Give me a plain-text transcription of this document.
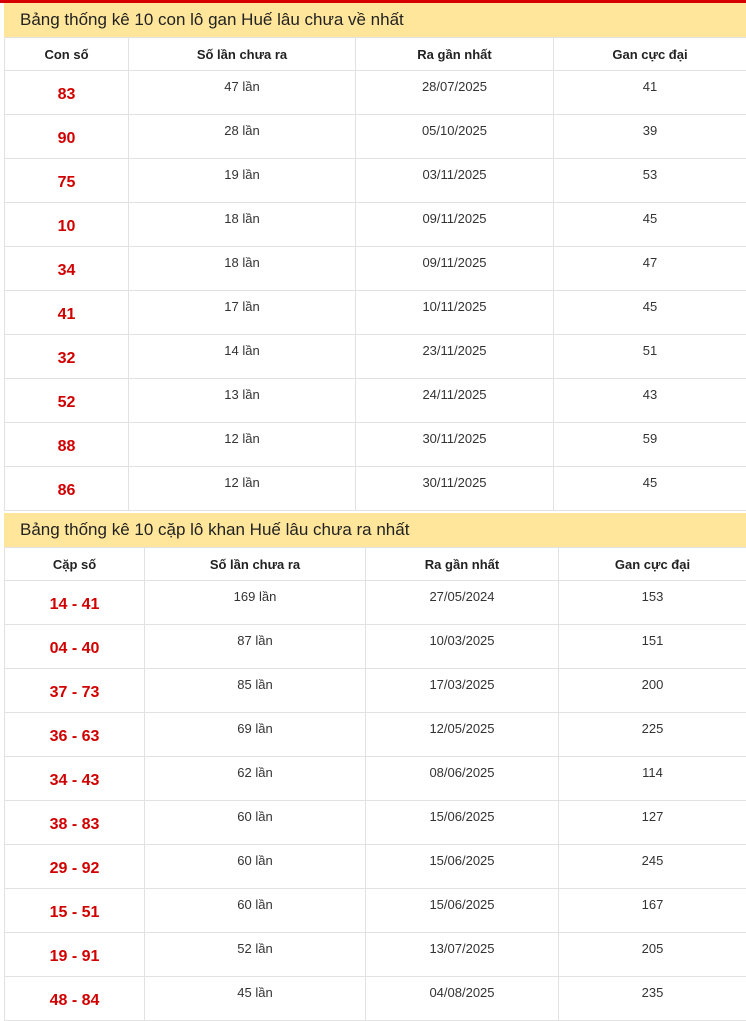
Bảng thống kê 10 con lô gan Huế lâu chưa về nhất
Con số	Số lần chưa ra	Ra gần nhất	Gan cực đại
83	47 lần	28/07/2025	41
90	28 lần	05/10/2025	39
75	19 lần	03/11/2025	53
10	18 lần	09/11/2025	45
34	18 lần	09/11/2025	47
41	17 lần	10/11/2025	45
32	14 lần	23/11/2025	51
52	13 lần	24/11/2025	43
88	12 lần	30/11/2025	59
86	12 lần	30/11/2025	45
Bảng thống kê 10 cặp lô khan Huế lâu chưa ra nhất
Cặp số	Số lần chưa ra	Ra gần nhất	Gan cực đại
14 - 41	169 lần	27/05/2024	153
04 - 40	87 lần	10/03/2025	151
37 - 73	85 lần	17/03/2025	200
36 - 63	69 lần	12/05/2025	225
34 - 43	62 lần	08/06/2025	114
38 - 83	60 lần	15/06/2025	127
29 - 92	60 lần	15/06/2025	245
15 - 51	60 lần	15/06/2025	167
19 - 91	52 lần	13/07/2025	205
48 - 84	45 lần	04/08/2025	235
